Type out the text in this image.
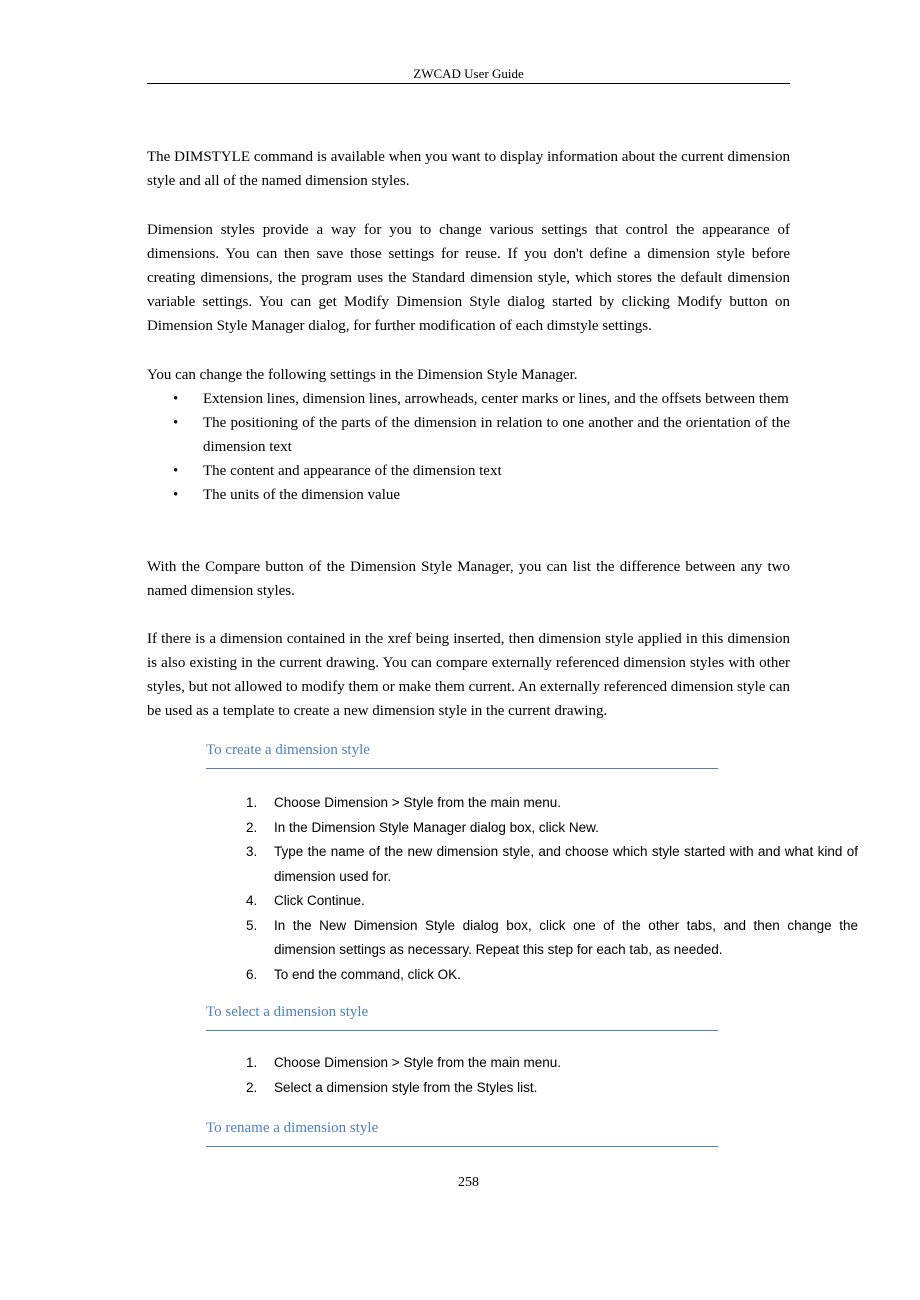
ZWCAD User Guide

The DIMSTYLE command is available when you want to display information about the current dimension style and all of the named dimension styles.

Dimension styles provide a way for you to change various settings that control the appearance of dimensions. You can then save those settings for reuse. If you don't define a dimension style before creating dimensions, the program uses the Standard dimension style, which stores the default dimension variable settings. You can get Modify Dimension Style dialog started by clicking Modify button on Dimension Style Manager dialog, for further modification of each dimstyle settings.

You can change the following settings in the Dimension Style Manager.

• Extension lines, dimension lines, arrowheads, center marks or lines, and the offsets between them
• The positioning of the parts of the dimension in relation to one another and the orientation of the dimension text
• The content and appearance of the dimension text
• The units of the dimension value

With the Compare button of the Dimension Style Manager, you can list the difference between any two named dimension styles.

If there is a dimension contained in the xref being inserted, then dimension style applied in this dimension is also existing in the current drawing. You can compare externally referenced dimension styles with other styles, but not allowed to modify them or make them current. An externally referenced dimension style can be used as a template to create a new dimension style in the current drawing.

To create a dimension style
1. Choose Dimension > Style from the main menu.
2. In the Dimension Style Manager dialog box, click New.
3. Type the name of the new dimension style, and choose which style started with and what kind of dimension used for.
4. Click Continue.
5. In the New Dimension Style dialog box, click one of the other tabs, and then change the dimension settings as necessary. Repeat this step for each tab, as needed.
6. To end the command, click OK.
To select a dimension style
1. Choose Dimension > Style from the main menu.
2. Select a dimension style from the Styles list.
To rename a dimension style
258
